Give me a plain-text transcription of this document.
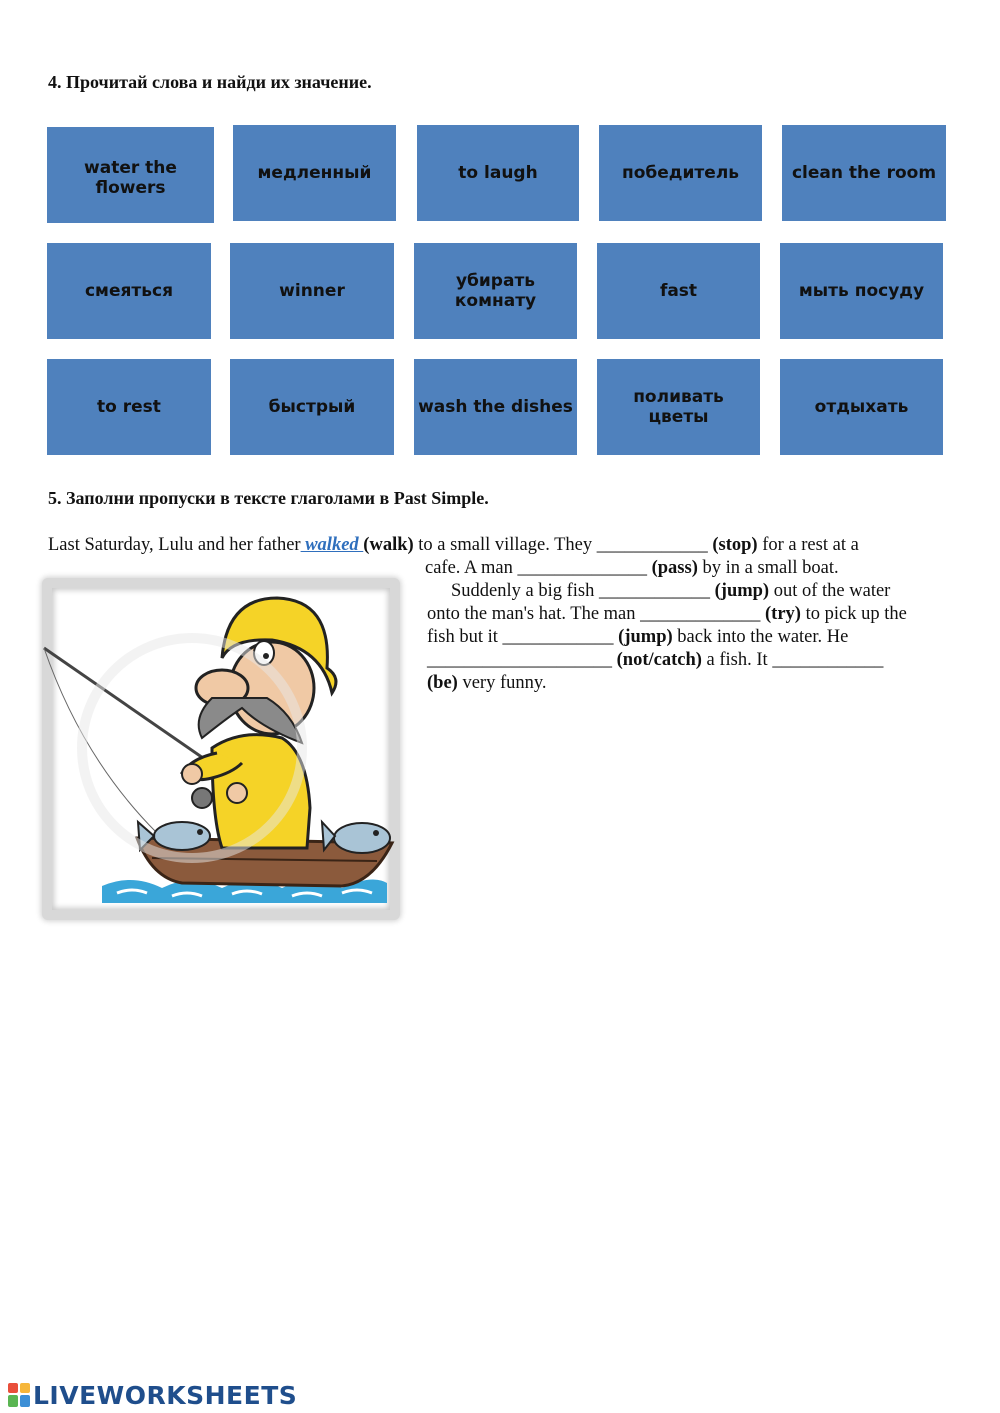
4. Прочитай слова и найди их значение.
water the flowers
медленный	to laugh	победитель	clean the room
смеяться	winner	убирать комнату	fast	мыть посуду
to rest	быстрый	wash the dishes	поливать цветы	отдыхать
5. Заполни пропуски в тексте глаголами в Past Simple.
Last Saturday, Lulu and her father walked (walk) to a small village. They ____________ (stop) for a rest at a
cafe. A man ______________ (pass) by in a small boat.
Suddenly a big fish ____________ (jump) out of the water
onto the man's hat. The man _____________ (try) to pick up the
fish but it ____________ (jump) back into the water. He
____________________ (not/catch) a fish. It ____________
(be) very funny.
LIVEWORKSHEETS
